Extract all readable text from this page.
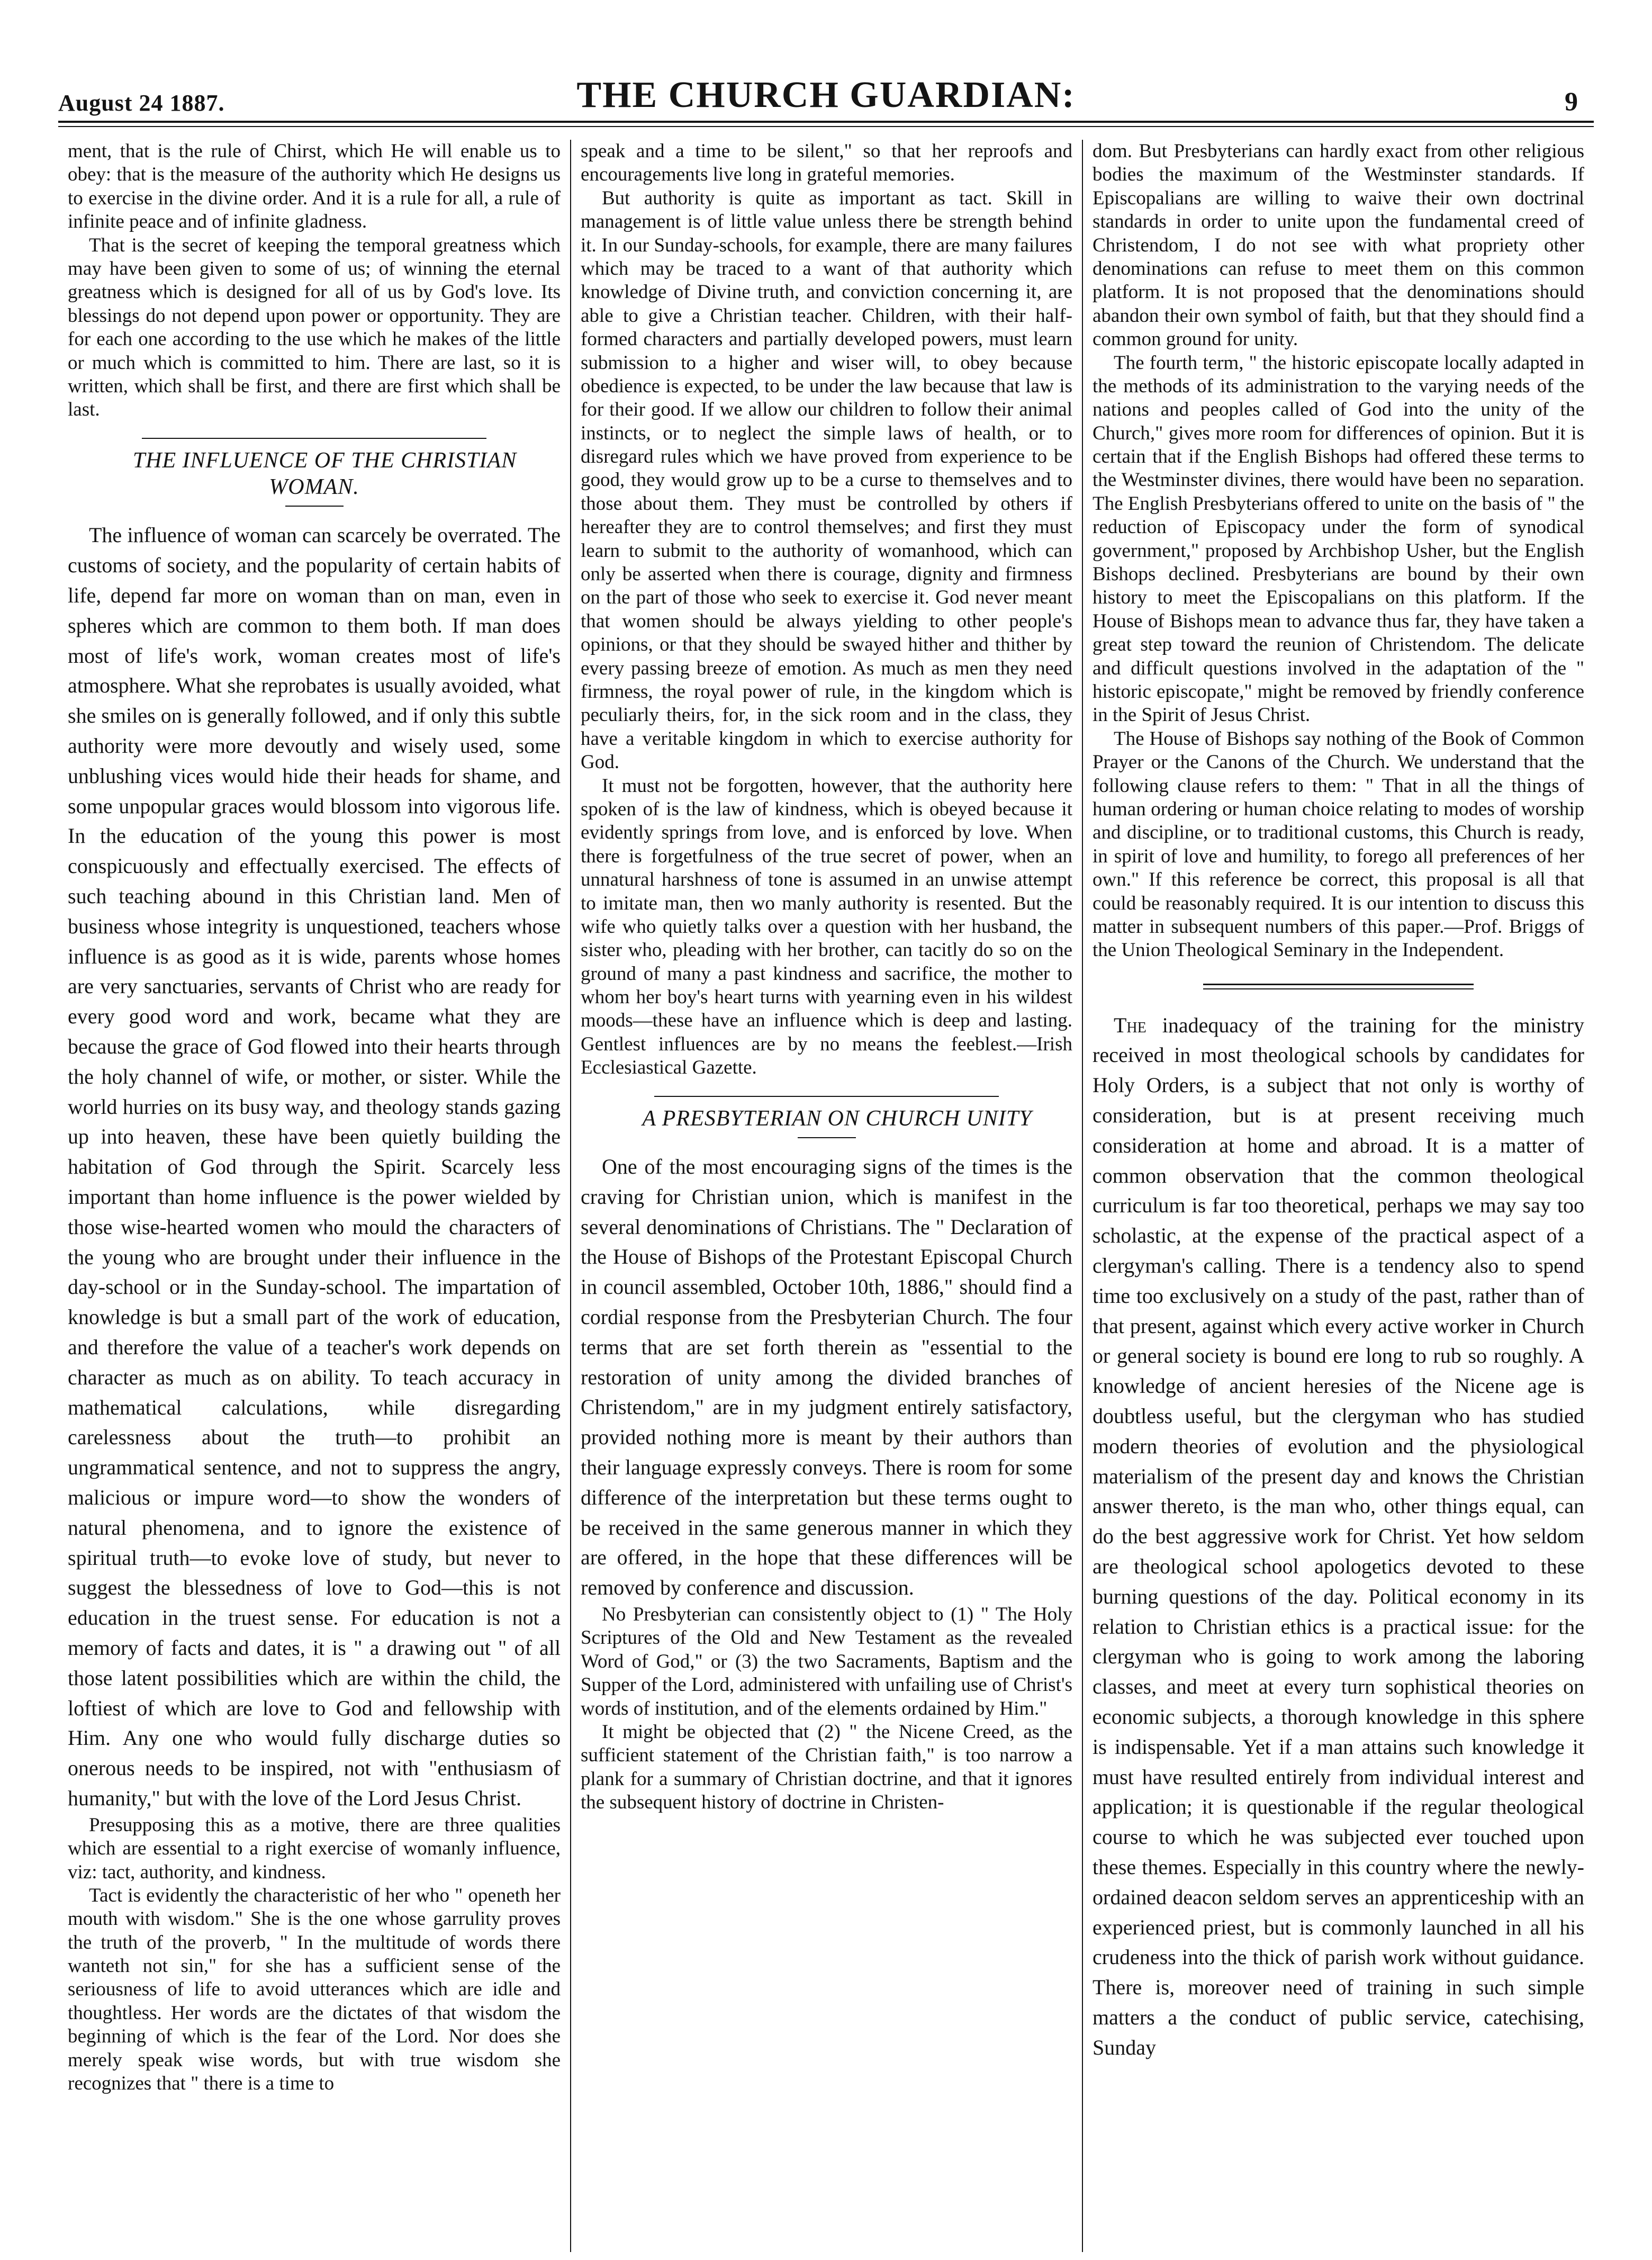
August 24 1887.	THE CHURCH GUARDIAN:	9

ment, that is the rule of Chirst, which He will enable us to obey: that is the measure of the authority which He designs us to exercise in the divine order. And it is a rule for all, a rule of infinite peace and of infinite gladness.

That is the secret of keeping the temporal greatness which may have been given to some of us; of winning the eternal greatness which is designed for all of us by God's love. Its blessings do not depend upon power or opportunity. They are for each one according to the use which he makes of the little or much which is committed to him. There are last, so it is written, which shall be first, and there are first which shall be last.

THE INFLUENCE OF THE CHRISTIAN WOMAN.

The influence of woman can scarcely be overrated. The customs of society, and the popularity of certain habits of life, depend far more on woman than on man, even in spheres which are common to them both. If man does most of life's work, woman creates most of life's atmosphere. What she reprobates is usually avoided, what she smiles on is generally followed, and if only this subtle authority were more devoutly and wisely used, some unblushing vices would hide their heads for shame, and some unpopular graces would blossom into vigorous life. In the education of the young this power is most conspicuously and effectually exercised. The effects of such teaching abound in this Christian land. Men of business whose integrity is unquestioned, teachers whose influence is as good as it is wide, parents whose homes are very sanctuaries, servants of Christ who are ready for every good word and work, became what they are because the grace of God flowed into their hearts through the holy channel of wife, or mother, or sister. While the world hurries on its busy way, and theology stands gazing up into heaven, these have been quietly building the habitation of God through the Spirit. Scarcely less important than home influence is the power wielded by those wise-hearted women who mould the characters of the young who are brought under their influence in the day-school or in the Sunday-school. The impartation of knowledge is but a small part of the work of education, and therefore the value of a teacher's work depends on character as much as on ability. To teach accuracy in mathematical calculations, while disregarding carelessness about the truth—to prohibit an ungrammatical sentence, and not to suppress the angry, malicious or impure word—to show the wonders of natural phenomena, and to ignore the existence of spiritual truth—to evoke love of study, but never to suggest the blessedness of love to God—this is not education in the truest sense. For education is not a memory of facts and dates, it is " a drawing out " of all those latent possibilities which are within the child, the loftiest of which are love to God and fellowship with Him. Any one who would fully discharge duties so onerous needs to be inspired, not with "enthusiasm of humanity," but with the love of the Lord Jesus Christ.

Presupposing this as a motive, there are three qualities which are essential to a right exercise of womanly influence, viz: tact, authority, and kindness.

Tact is evidently the characteristic of her who " openeth her mouth with wisdom." She is the one whose garrulity proves the truth of the proverb, " In the multitude of words there wanteth not sin," for she has a sufficient sense of the seriousness of life to avoid utterances which are idle and thoughtless. Her words are the dictates of that wisdom the beginning of which is the fear of the Lord. Nor does she merely speak wise words, but with true wisdom she recognizes that " there is a time to

speak and a time to be silent," so that her reproofs and encouragements live long in grateful memories.

But authority is quite as important as tact. Skill in management is of little value unless there be strength behind it. In our Sunday-schools, for example, there are many failures which may be traced to a want of that authority which knowledge of Divine truth, and conviction concerning it, are able to give a Christian teacher. Children, with their half-formed characters and partially developed powers, must learn submission to a higher and wiser will, to obey because obedience is expected, to be under the law because that law is for their good. If we allow our children to follow their animal instincts, or to neglect the simple laws of health, or to disregard rules which we have proved from experience to be good, they would grow up to be a curse to themselves and to those about them. They must be controlled by others if hereafter they are to control themselves; and first they must learn to submit to the authority of womanhood, which can only be asserted when there is courage, dignity and firmness on the part of those who seek to exercise it. God never meant that women should be always yielding to other people's opinions, or that they should be swayed hither and thither by every passing breeze of emotion. As much as men they need firmness, the royal power of rule, in the kingdom which is peculiarly theirs, for, in the sick room and in the class, they have a veritable kingdom in which to exercise authority for God.

It must not be forgotten, however, that the authority here spoken of is the law of kindness, which is obeyed because it evidently springs from love, and is enforced by love. When there is forgetfulness of the true secret of power, when an unnatural harshness of tone is assumed in an unwise attempt to imitate man, then wo manly authority is resented. But the wife who quietly talks over a question with her husband, the sister who, pleading with her brother, can tacitly do so on the ground of many a past kindness and sacrifice, the mother to whom her boy's heart turns with yearning even in his wildest moods—these have an influence which is deep and lasting. Gentlest influences are by no means the feeblest.—Irish Ecclesiastical Gazette.

A PRESBYTERIAN ON CHURCH UNITY

One of the most encouraging signs of the times is the craving for Christian union, which is manifest in the several denominations of Christians. The " Declaration of the House of Bishops of the Protestant Episcopal Church in council assembled, October 10th, 1886," should find a cordial response from the Presbyterian Church. The four terms that are set forth therein as "essential to the restoration of unity among the divided branches of Christendom," are in my judgment entirely satisfactory, provided nothing more is meant by their authors than their language expressly conveys. There is room for some difference of the interpretation but these terms ought to be received in the same generous manner in which they are offered, in the hope that these differences will be removed by conference and discussion.

No Presbyterian can consistently object to (1) " The Holy Scriptures of the Old and New Testament as the revealed Word of God," or (3) the two Sacraments, Baptism and the Supper of the Lord, administered with unfailing use of Christ's words of institution, and of the elements ordained by Him."

It might be objected that (2) " the Nicene Creed, as the sufficient statement of the Christian faith," is too narrow a plank for a summary of Christian doctrine, and that it ignores the subsequent history of doctrine in Christen-

dom. But Presbyterians can hardly exact from other religious bodies the maximum of the Westminster standards. If Episcopalians are willing to waive their own doctrinal standards in order to unite upon the fundamental creed of Christendom, I do not see with what propriety other denominations can refuse to meet them on this common platform. It is not proposed that the denominations should abandon their own symbol of faith, but that they should find a common ground for unity.

The fourth term, " the historic episcopate locally adapted in the methods of its administration to the varying needs of the nations and peoples called of God into the unity of the Church," gives more room for differences of opinion. But it is certain that if the English Bishops had offered these terms to the Westminster divines, there would have been no separation. The English Presbyterians offered to unite on the basis of " the reduction of Episcopacy under the form of synodical government," proposed by Archbishop Usher, but the English Bishops declined. Presbyterians are bound by their own history to meet the Episcopalians on this platform. If the House of Bishops mean to advance thus far, they have taken a great step toward the reunion of Christendom. The delicate and difficult questions involved in the adaptation of the " historic episcopate," might be removed by friendly conference in the Spirit of Jesus Christ.

The House of Bishops say nothing of the Book of Common Prayer or the Canons of the Church. We understand that the following clause refers to them: " That in all the things of human ordering or human choice relating to modes of worship and discipline, or to traditional customs, this Church is ready, in spirit of love and humility, to forego all preferences of her own." If this reference be correct, this proposal is all that could be reasonably required. It is our intention to discuss this matter in subsequent numbers of this paper.—Prof. Briggs of the Union Theological Seminary in the Independent.

The inadequacy of the training for the ministry received in most theological schools by candidates for Holy Orders, is a subject that not only is worthy of consideration, but is at present receiving much consideration at home and abroad. It is a matter of common observation that the common theological curriculum is far too theoretical, perhaps we may say too scholastic, at the expense of the practical aspect of a clergyman's calling. There is a tendency also to spend time too exclusively on a study of the past, rather than of that present, against which every active worker in Church or general society is bound ere long to rub so roughly. A knowledge of ancient heresies of the Nicene age is doubtless useful, but the clergyman who has studied modern theories of evolution and the physiological materialism of the present day and knows the Christian answer thereto, is the man who, other things equal, can do the best aggressive work for Christ. Yet how seldom are theological school apologetics devoted to these burning questions of the day. Political economy in its relation to Christian ethics is a practical issue: for the clergyman who is going to work among the laboring classes, and meet at every turn sophistical theories on economic subjects, a thorough knowledge in this sphere is indispensable. Yet if a man attains such knowledge it must have resulted entirely from individual interest and application; it is questionable if the regular theological course to which he was subjected ever touched upon these themes. Especially in this country where the newly-ordained deacon seldom serves an apprenticeship with an experienced priest, but is commonly launched in all his crudeness into the thick of parish work without guidance. There is, moreover need of training in such simple matters a the conduct of public service, catechising, Sunday
